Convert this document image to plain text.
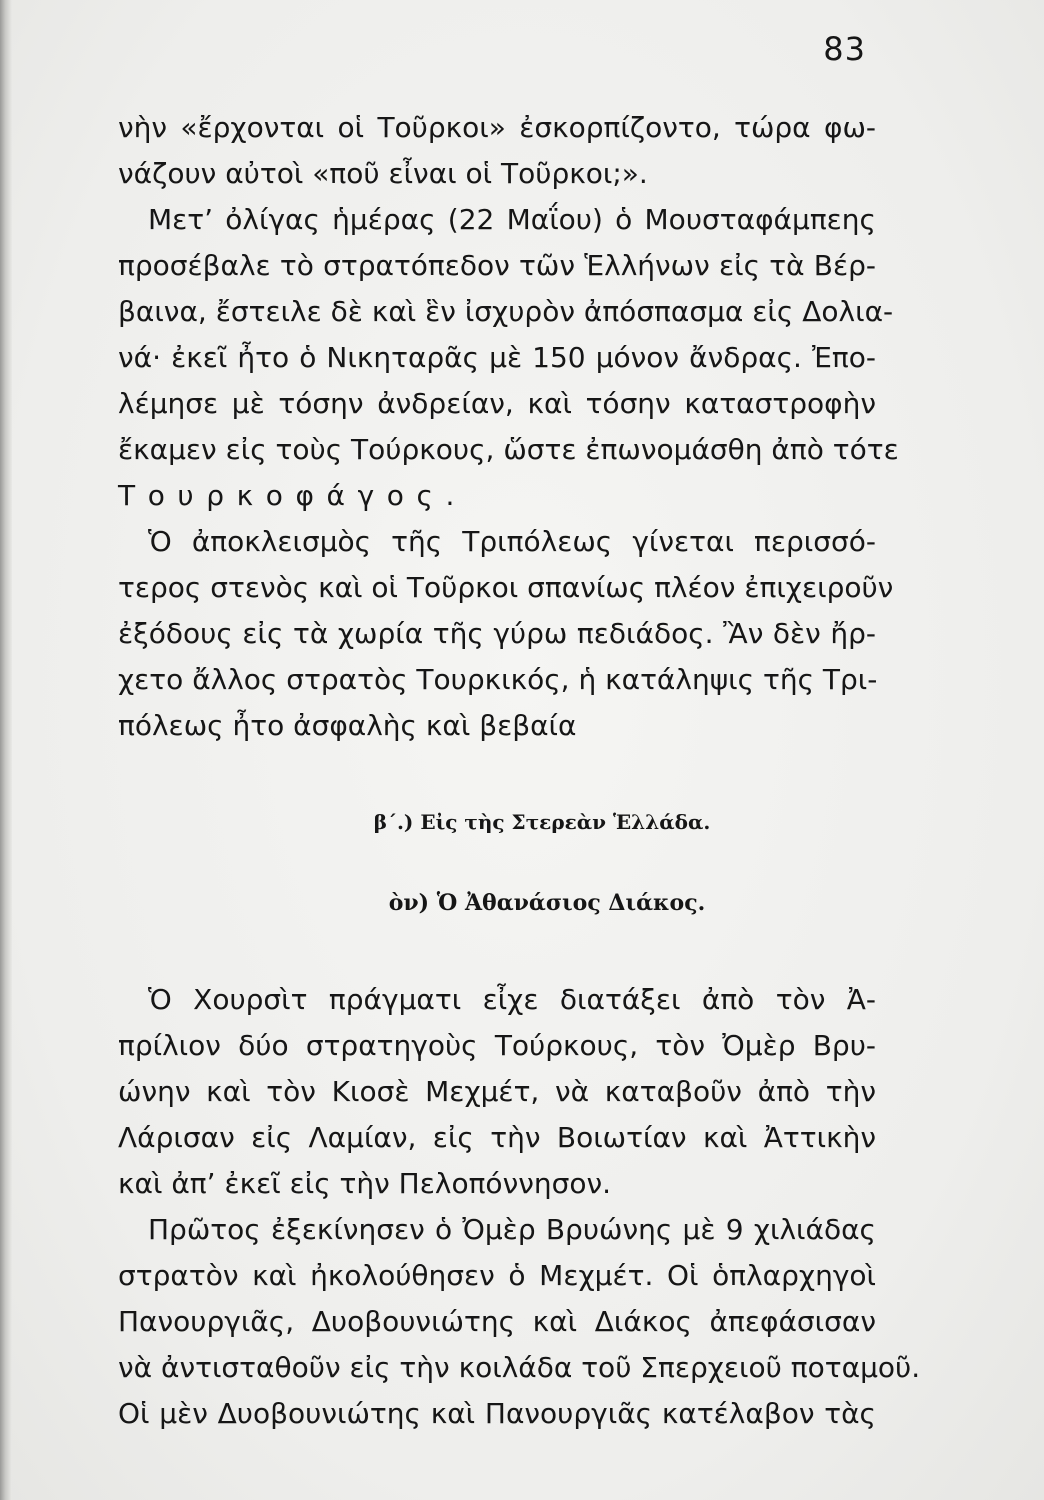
83
νὴν «ἔρχονται οἱ Τοῦρκοι» ἐσκορπίζοντο, τώρα φω-
νάζουν αὐτοὶ «ποῦ εἶναι οἱ Τοῦρκοι;».
Μετ’ ὀλίγας ἡμέρας (22 Μαΐου) ὁ Μουσταφάμπεης
προσέβαλε τὸ στρατόπεδον τῶν Ἑλλήνων εἰς τὰ Βέρ-
βαινα, ἔστειλε δὲ καὶ ἓν ἰσχυρὸν ἀπόσπασμα εἰς Δολια-
νά· ἐκεῖ ἦτο ὁ Νικηταρᾶς μὲ 150 μόνον ἄνδρας. Ἐπο-
λέμησε μὲ τόσην ἀνδρείαν, καὶ τόσην καταστροφὴν
ἔκαμεν εἰς τοὺς Τούρκους, ὥστε ἐπωνομάσθη ἀπὸ τότε
Τουρκοφάγος.
Ὁ ἀποκλεισμὸς τῆς Τριπόλεως γίνεται περισσό-
τερος στενὸς καὶ οἱ Τοῦρκοι σπανίως πλέον ἐπιχειροῦν
ἐξόδους εἰς τὰ χωρία τῆς γύρω πεδιάδος. Ἂν δὲν ἤρ-
χετο ἄλλος στρατὸς Τουρκικός, ἡ κατάληψις τῆς Τρι-
πόλεως ἦτο ἀσφαλὴς καὶ βεβαία
β΄.) Εἰς τὴς Στερεὰν Ἑλλάδα.
ὸν) Ὁ Ἀθανάσιος Διάκος.
Ὁ Χουρσὶτ πράγματι εἶχε διατάξει ἀπὸ τὸν Ἀ-
πρίλιον δύο στρατηγοὺς Τούρκους, τὸν Ὀμὲρ Βρυ-
ώνην καὶ τὸν Κιοσὲ Μεχμέτ, νὰ καταβοῦν ἀπὸ τὴν
Λάρισαν εἰς Λαμίαν, εἰς τὴν Βοιωτίαν καὶ Ἀττικὴν
καὶ ἀπ’ ἐκεῖ εἰς τὴν Πελοπόννησον.
Πρῶτος ἐξεκίνησεν ὁ Ὀμὲρ Βρυώνης μὲ 9 χιλιάδας
στρατὸν καὶ ἠκολούθησεν ὁ Μεχμέτ. Οἱ ὁπλαρχηγοὶ
Πανουργιᾶς, Δυοβουνιώτης καὶ Διάκος ἀπεφάσισαν
νὰ ἀντισταθοῦν εἰς τὴν κοιλάδα τοῦ Σπερχειοῦ ποταμοῦ.
Οἱ μὲν Δυοβουνιώτης καὶ Πανουργιᾶς κατέλαβον τὰς
